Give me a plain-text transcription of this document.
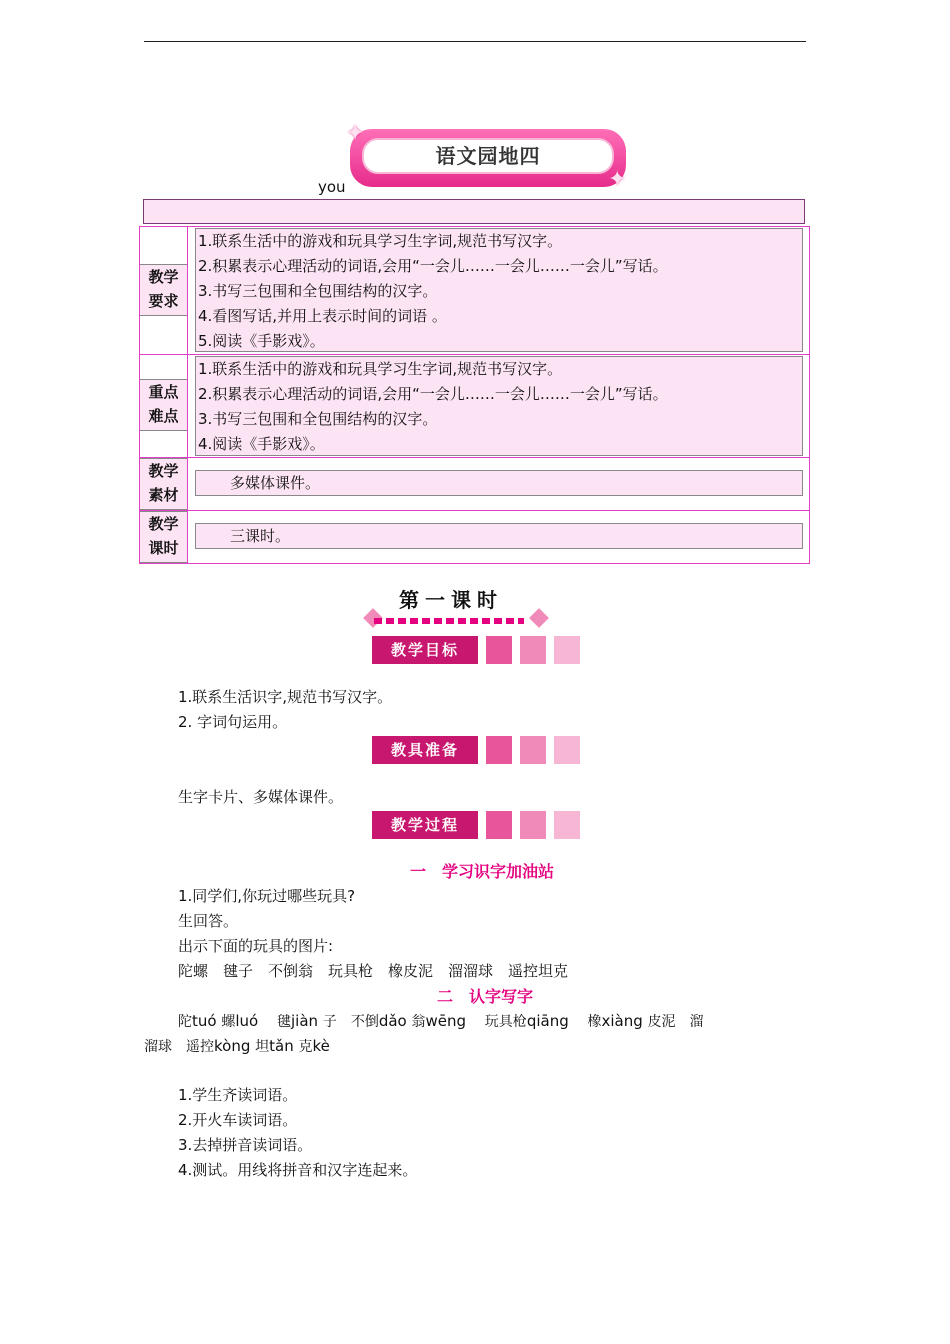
语文园地四
✦
✦
you
教学
要求
1.联系生活中的游戏和玩具学习生字词,规范书写汉字。
2.积累表示心理活动的词语,会用“一会儿……一会儿……一会儿”写话。
3.书写三包围和全包围结构的汉字。
4.看图写话,并用上表示时间的词语 。
5.阅读《手影戏》。
重点
难点
1.联系生活中的游戏和玩具学习生字词,规范书写汉字。
2.积累表示心理活动的词语,会用“一会儿……一会儿……一会儿”写话。
3.书写三包围和全包围结构的汉字。
4.阅读《手影戏》。
教学
素材
多媒体课件。
教学
课时
三课时。
第一课时
教学目标
1.联系生活识字,规范书写汉字。
2. 字词句运用。
教具准备
生字卡片、多媒体课件。
教学过程
一　学习识字加油站
1.同学们,你玩过哪些玩具?
生回答。
出示下面的玩具的图片:
陀螺　毽子　不倒翁　玩具枪　橡皮泥　溜溜球　遥控坦克
二　认字写字
陀tuó 螺luó 　毽jiàn 子　不倒dǎo 翁wēng 　玩具枪qiāng 　橡xiàng 皮泥　溜
溜球　遥控kòng 坦tǎn 克kè
1.学生齐读词语。
2.开火车读词语。
3.去掉拼音读词语。
4.测试。用线将拼音和汉字连起来。
